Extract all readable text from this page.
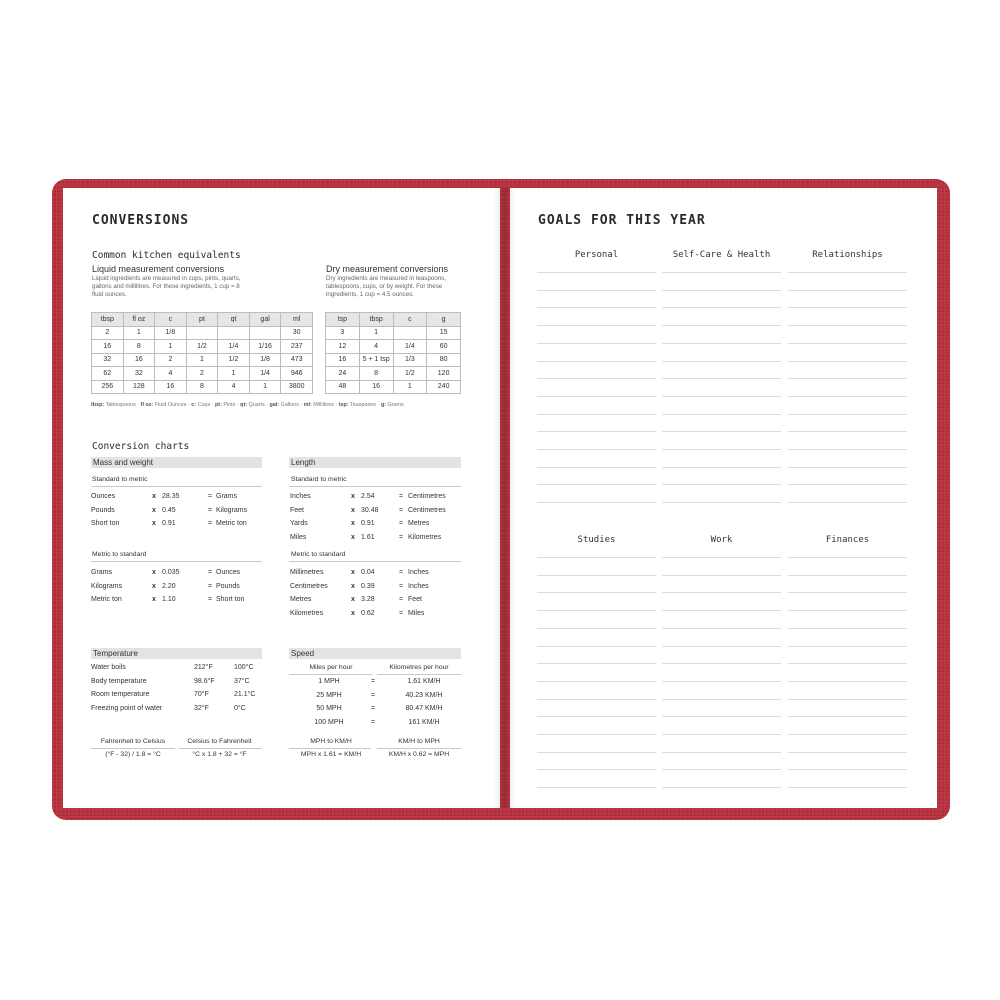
CONVERSIONS
Common kitchen equivalents
Liquid measurement conversions
Liquid ingredients are measured in cups, pints, quarts, gallons and millilitres. For these ingredients, 1 cup = 8 fluid ounces.
Dry measurement conversions
Dry ingredients are measured in teaspoons, tablespoons, cups, or by weight. For these ingredients, 1 cup = 4.5 ounces.
tbsp	fl oz	c	pt	qt	gal	ml
2	1	1/8				30
16	8	1	1/2	1/4	1/16	237
32	16	2	1	1/2	1/8	473
62	32	4	2	1	1/4	946
256	128	16	8	4	1	3800
tsp	tbsp	c	g
3	1		15
12	4	1/4	60
16	5 + 1 tsp	1/3	80
24	8	1/2	120
48	16	1	240
tbsp: Tablespoons · fl oz: Fluid Ounces · c: Cups · pt: Pints · qt: Quarts · gal: Gallons · ml: Millilitres · tsp: Teaspoons · g: Grams
Conversion charts
Mass and weight
Standard to metric
Ounces	x 28.35	= Grams
Pounds	x 0.45	= Kilograms
Short ton	x 0.91	= Metric ton
Metric to standard
Grams	x 0.035	= Ounces
Kilograms	x 2.20	= Pounds
Metric ton	x 1.10	= Short ton
Length
Standard to metric
Inches	x 2.54	= Centimetres
Feet	x 30.48	= Centimetres
Yards	x 0.91	= Metres
Miles	x 1.61	= Kilometres
Metric to standard
Millimetres	x 0.04	= Inches
Centimetres	x 0.39	= Inches
Metres	x 3.28	= Feet
Kilometres	x 0.62	= Miles
Temperature
Water boils	212°F	100°C
Body temperature	98.6°F	37°C
Room temperature	70°F	21.1°C
Freezing point of water	32°F	0°C
Fahrenheit to Celsius	Celsius to Fahrenheit
(°F - 32) / 1.8 = °C	°C x 1.8 + 32 = °F
Speed
Miles per hour	Kilometres per hour
1 MPH	=	1.61 KM/H
25 MPH	=	40.23 KM/H
50 MPH	=	80.47 KM/H
100 MPH	=	161 KM/H
MPH to KM/H	KM/H to MPH
MPH x 1.61 = KM/H	KM/H x 0.62 = MPH
GOALS FOR THIS YEAR
Personal	Self-Care & Health	Relationships
Studies	Work	Finances
